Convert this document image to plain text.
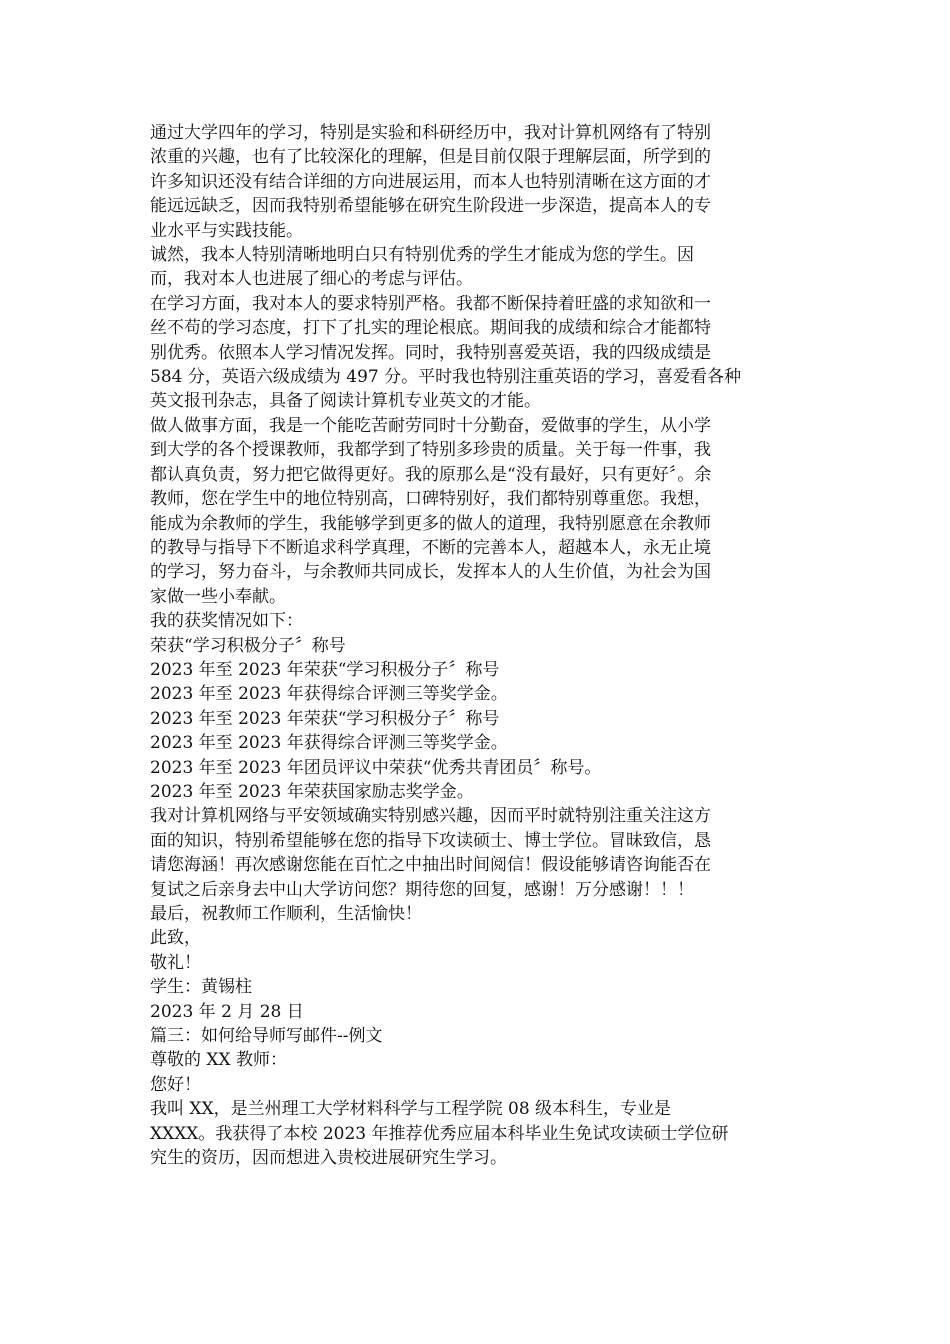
通过大学四年的学习，特别是实验和科研经历中，我对计算机网络有了特别

浓重的兴趣，也有了比较深化的理解，但是目前仅限于理解层面，所学到的

许多知识还没有结合详细的方向进展运用，而本人也特别清晰在这方面的才

能远远缺乏，因而我特别希望能够在研究生阶段进一步深造，提高本人的专

业水平与实践技能。

诚然，我本人特别清晰地明白只有特别优秀的学生才能成为您的学生。因

而，我对本人也进展了细心的考虑与评估。

在学习方面，我对本人的要求特别严格。我都不断保持着旺盛的求知欲和一

丝不苟的学习态度，打下了扎实的理论根底。期间我的成绩和综合才能都特

别优秀。依照本人学习情况发挥。同时，我特别喜爱英语，我的四级成绩是

584 分，英语六级成绩为 497 分。平时我也特别注重英语的学习，喜爱看各种

英文报刊杂志，具备了阅读计算机专业英文的才能。

做人做事方面，我是一个能吃苦耐劳同时十分勤奋，爱做事的学生，从小学

到大学的各个授课教师，我都学到了特别多珍贵的质量。关于每一件事，我

都认真负责，努力把它做得更好。我的原那么是“没有最好，只有更好〞。余

教师，您在学生中的地位特别高，口碑特别好，我们都特别尊重您。我想，

能成为余教师的学生，我能够学到更多的做人的道理，我特别愿意在余教师

的教导与指导下不断追求科学真理，不断的完善本人，超越本人，永无止境

的学习，努力奋斗，与余教师共同成长，发挥本人的人生价值，为社会为国

家做一些小奉献。

我的获奖情况如下：

荣获“学习积极分子〞称号

2023 年至 2023 年荣获“学习积极分子〞称号

2023 年至 2023 年获得综合评测三等奖学金。

2023 年至 2023 年荣获“学习积极分子〞称号

2023 年至 2023 年获得综合评测三等奖学金。

2023 年至 2023 年团员评议中荣获“优秀共青团员〞称号。

2023 年至 2023 年荣获国家励志奖学金。

我对计算机网络与平安领域确实特别感兴趣，因而平时就特别注重关注这方

面的知识，特别希望能够在您的指导下攻读硕士、博士学位。冒昧致信，恳

请您海涵！再次感谢您能在百忙之中抽出时间阅信！假设能够请咨询能否在

复试之后亲身去中山大学访问您？期待您的回复，感谢！万分感谢！！！

最后，祝教师工作顺利，生活愉快！

此致，

敬礼！

学生：黄锡柱

2023 年 2 月 28 日

篇三：如何给导师写邮件--例文

尊敬的 XX 教师：

您好！

我叫 XX，是兰州理工大学材料科学与工程学院 08 级本科生，专业是

XXXX。我获得了本校 2023 年推荐优秀应届本科毕业生免试攻读硕士学位研

究生的资历，因而想进入贵校进展研究生学习。
